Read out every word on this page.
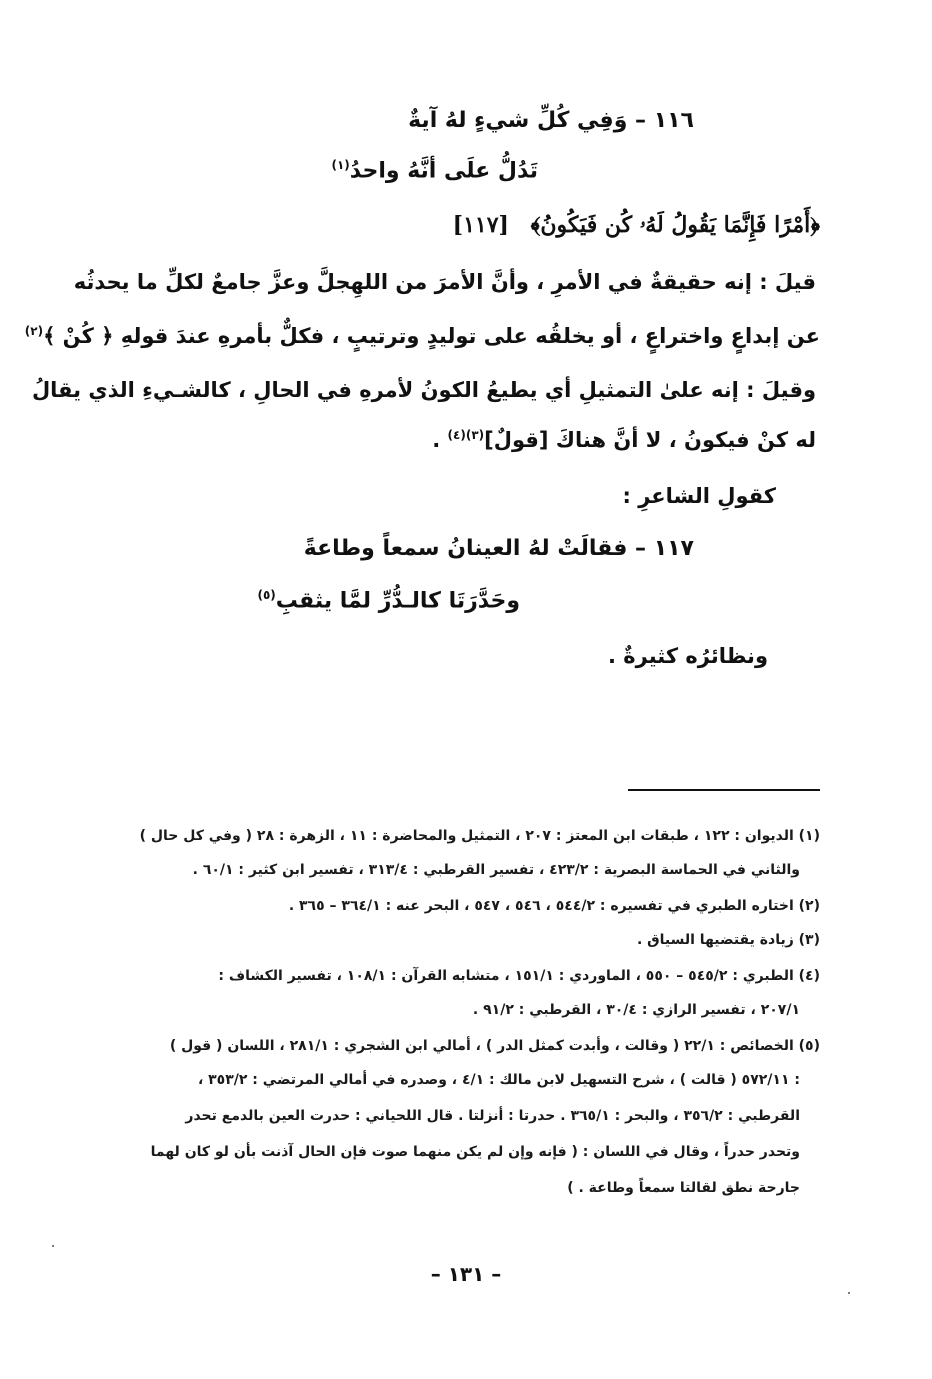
١١٦ – وَفِي كُلِّ شيءٍ لهُ آيةٌ
تَدُلُّ علَى أنَّهُ واحدُ$^{(١)}$
﴿أَمْرًا فَإِنَّمَا يَقُولُ لَهُۥ كُن فَيَكُونُ﴾ [١١٧]
قيلَ : إنه حقيقةٌ في الأمرِ ، وأنَّ الأمرَ من اللهِجلَّ وعزَّ جامعٌ لكلِّ ما يحدثُه
عن إبداعٍ واختراعٍ ، أو يخلقُه على توليدٍ وترتيبٍ ، فكلٌّ بأمرهِ عندَ قولهِ ﴿ كُنْ ﴾$^{(٢)}$
وقيلَ : إنه علىٰ التمثيلِ أي يطيعُ الكونُ لأمرهِ في الحالِ ، كالشـيءِ الذي يقالُ
له كنْ فيكونُ ، لا أنَّ هناكَ [قولٌ]$^{(٣)(٤)}$ .
كقولِ الشاعرِ :
١١٧ – فقالَتْ لهُ العينانُ سمعاً وطاعةً
وحَدَّرَتَا كالـدُّرِّ لمَّا يثقبِ$^{(٥)}$
ونظائرُه كثيرةٌ .
(١) الديوان : ١٢٢ ، طبقات ابن المعتز : ٢٠٧ ، التمثيل والمحاضرة : ١١ ، الزهرة : ٢٨ ( وفي كل حال )
والثاني في الحماسة البصرية : ٤٢٣/٢ ، تفسير القرطبي : ٣١٣/٤ ، تفسير ابن كثير : ٦٠/١ .
(٢) اختاره الطبري في تفسيره : ٥٤٤/٢ ، ٥٤٦ ، ٥٤٧ ، البحر عنه : ٣٦٤/١ – ٣٦٥ .
(٣) زيادة يقتضيها السياق .
(٤) الطبري : ٥٤٥/٢ – ٥٥٠ ، الماوردي : ١٥١/١ ، متشابه القرآن : ١٠٨/١ ، تفسير الكشاف :
٢٠٧/١ ، تفسير الرازي : ٣٠/٤ ، القرطبي : ٩١/٢ .
(٥) الخصائص : ٢٢/١ ( وقالت ، وأبدت كمثل الدر ) ، أمالي ابن الشجري : ٢٨١/١ ، اللسان ( قول )
: ٥٧٢/١١ ( قالت ) ، شرح التسهيل لابن مالك : ٤/١ ، وصدره في أمالي المرتضي : ٣٥٣/٢ ،
القرطبي : ٣٥٦/٢ ، والبحر : ٣٦٥/١ . حدرتا : أنزلتا . قال اللحياني : حدرت العين بالدمع تحدر
وتحدر حدراً ، وقال في اللسان : ( فإنه وإن لم يكن منهما صوت فإن الحال آذنت بأن لو كان لهما
جارحة نطق لقالتا سمعاً وطاعة . )
– ١٣١ –
